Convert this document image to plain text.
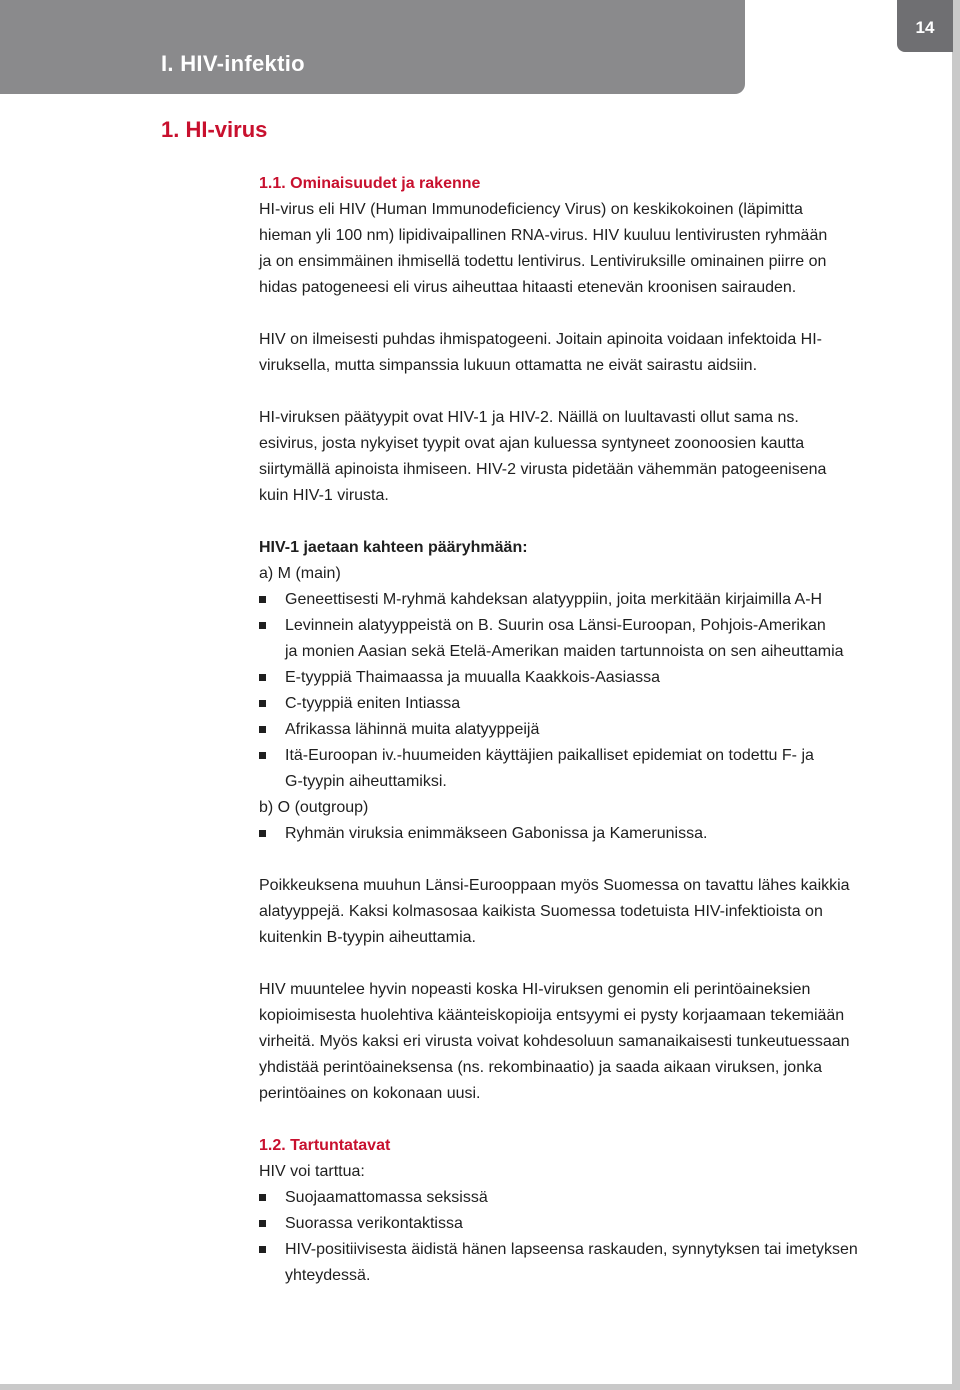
I. HIV-infektio
14
1. HI-virus
1.1. Ominaisuudet ja rakenne
HI-virus eli HIV (Human Immunodeficiency Virus) on keskikokoinen (läpimitta
hieman yli 100 nm) lipidivaipallinen RNA-virus. HIV kuuluu lentivirusten ryhmään
ja on ensimmäinen ihmisellä todettu lentivirus. Lentiviruksille ominainen piirre on
hidas patogeneesi eli virus aiheuttaa hitaasti etenevän kroonisen sairauden.
HIV on ilmeisesti puhdas ihmispatogeeni. Joitain apinoita voidaan infektoida HI-
viruksella, mutta simpanssia lukuun ottamatta ne eivät sairastu aidsiin.
HI-viruksen päätyypit ovat HIV-1 ja HIV-2. Näillä on luultavasti ollut sama ns.
esivirus, josta nykyiset tyypit ovat ajan kuluessa syntyneet zoonoosien kautta
siirtymällä apinoista ihmiseen. HIV-2 virusta pidetään vähemmän patogeenisena
kuin HIV-1 virusta.
HIV-1 jaetaan kahteen pääryhmään:
a) M (main)
Geneettisesti M-ryhmä kahdeksan alatyyppiin, joita merkitään kirjaimilla A-H
Levinnein alatyyppeistä on B. Suurin osa Länsi-Euroopan, Pohjois-Amerikan
ja monien Aasian sekä Etelä-Amerikan maiden tartunnoista on sen aiheuttamia
E-tyyppiä Thaimaassa ja muualla Kaakkois-Aasiassa
C-tyyppiä eniten Intiassa
Afrikassa lähinnä muita alatyyppeijä
Itä-Euroopan iv.-huumeiden käyttäjien paikalliset epidemiat on todettu F- ja
G-tyypin aiheuttamiksi.
b) O (outgroup)
Ryhmän viruksia enimmäkseen Gabonissa ja Kamerunissa.
Poikkeuksena muuhun Länsi-Eurooppaan myös Suomessa on tavattu lähes kaikkia
alatyyppejä. Kaksi kolmasosaa kaikista Suomessa todetuista HIV-infektioista on
kuitenkin B-tyypin aiheuttamia.
HIV muuntelee hyvin nopeasti koska HI-viruksen genomin eli perintöaineksien
kopioimisesta huolehtiva käänteiskopioija entsyymi ei pysty korjaamaan tekemiään
virheitä. Myös kaksi eri virusta voivat kohdesoluun samanaikaisesti tunkeutuessaan
yhdistää perintöaineksensa (ns. rekombinaatio) ja saada aikaan viruksen, jonka
perintöaines on kokonaan uusi.
1.2. Tartuntatavat
HIV voi tarttua:
Suojaamattomassa seksissä
Suorassa verikontaktissa
HIV-positiivisesta äidistä hänen lapseensa raskauden, synnytyksen tai imetyksen
yhteydessä.
